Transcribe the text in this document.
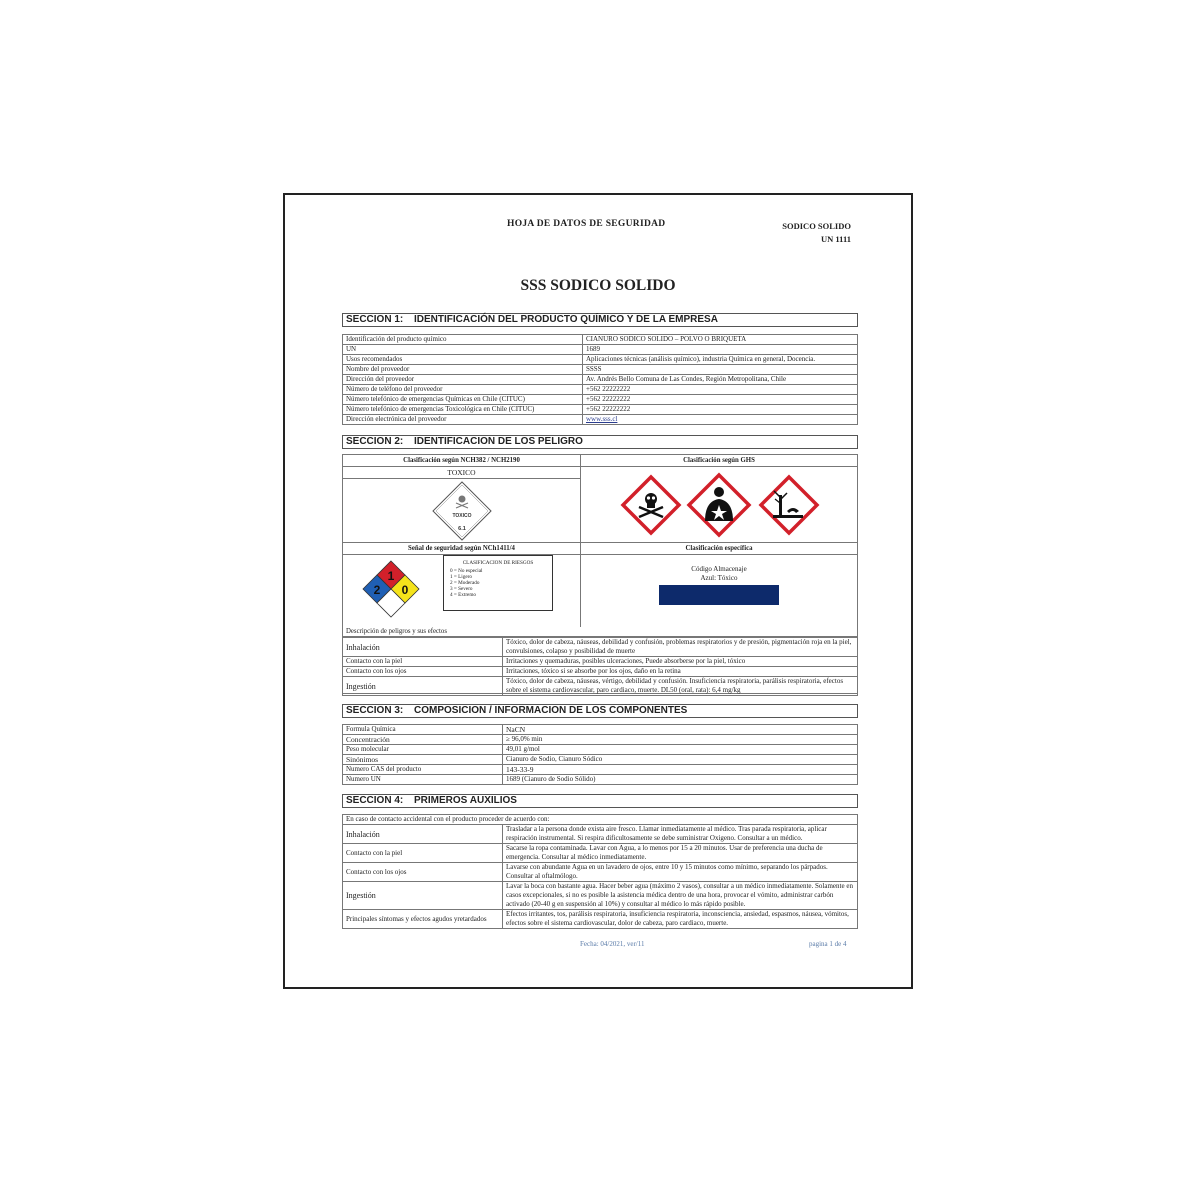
HOJA DE DATOS DE SEGURIDAD	SODICO SOLIDO
UN 1111
SSS SODICO SOLIDO
SECCION 1: IDENTIFICACIÓN DEL PRODUCTO QUÍMICO Y DE LA EMPRESA
Identificación del producto químico	CIANURO SODICO SOLIDO – POLVO O BRIQUETA
UN	1689
Usos recomendados	Aplicaciones técnicas (análisis químico), industria Química en general, Docencia.
Nombre del proveedor	SSSS
Dirección del proveedor	Av. Andrés Bello Comuna de Las Condes, Región Metropolitana, Chile
Número de teléfono del proveedor	+562 22222222
Número telefónico de emergencias Químicas en Chile (CITUC)	+562 22222222
Número telefónico de emergencias Toxicológica en Chile (CITUC)	+562 22222222
Dirección electrónica del proveedor	www.sss.cl
SECCION 2: IDENTIFICACION DE LOS PELIGRO
Clasificación según NCH382 / NCH2190
TOXICO
TOXICO
6.1
Clasificación según GHS
Señal de seguridad según NCh1411/4
1
2 0
CLASIFICACION DE RIESGOS
0 = No especial
1 = Ligero
2 = Moderado
3 = Severo
4 = Extremo
Clasificación específica
Código Almacenaje
Azul: Tóxico
Descripción de peligros y sus efectos
Inhalación	Tóxico, dolor de cabeza, náuseas, debilidad y confusión, problemas respiratorios y de presión, pigmentación roja en la piel, convulsiones, colapso y posibilidad de muerte
Contacto con la piel	Irritaciones y quemaduras, posibles ulceraciones, Puede absorberse por la piel, tóxico
Contacto con los ojos	Irritaciones, tóxico si se absorbe por los ojos, daño en la retina
Ingestión	Tóxico, dolor de cabeza, náuseas, vértigo, debilidad y confusión. Insuficiencia respiratoria, parálisis respiratoria, efectos sobre el sistema cardiovascular, paro cardiaco, muerte. DL50 (oral, rata): 6,4 mg/kg
SECCION 3: COMPOSICION / INFORMACION DE LOS COMPONENTES
Formula Química	NaCN
Concentración	≥ 96,0% min
Peso molecular	49,01 g/mol
Sinónimos	Cianuro de Sodio, Cianuro Sódico
Numero CAS del producto	143-33-9
Numero UN	1689 (Cianuro de Sodio Sólido)
SECCION 4: PRIMEROS AUXILIOS
En caso de contacto accidental con el producto proceder de acuerdo con:	
Inhalación	Trasladar a la persona donde exista aire fresco. Llamar inmediatamente al médico. Tras parada respiratoria, aplicar respiración instrumental. Si respira dificultosamente se debe suministrar Oxigeno. Consultar a un médico.
Contacto con la piel	Sacarse la ropa contaminada. Lavar con Agua, a lo menos por 15 a 20 minutos. Usar de preferencia una ducha de emergencia. Consultar al médico inmediatamente.
Contacto con los ojos	Lavarse con abundante Agua en un lavadero de ojos, entre 10 y 15 minutos como mínimo, separando los párpados. Consultar al oftalmólogo.
Ingestión	Lavar la boca con bastante agua. Hacer beber agua (máximo 2 vasos), consultar a un médico inmediatamente. Solamente en casos excepcionales, si no es posible la asistencia médica dentro de una hora, provocar el vómito, administrar carbón activado (20-40 g en suspensión al 10%) y consultar al médico lo más rápido posible.
Principales síntomas y efectos agudos yretardados	Efectos irritantes, tos, parálisis respiratoria, insuficiencia respiratoria, inconsciencia, ansiedad, espasmos, náusea, vómitos, efectos sobre el sistema cardiovascular, dolor de cabeza, paro cardiaco, muerte.
Fecha: 04/2021, ver/11	pagina 1 de 4
